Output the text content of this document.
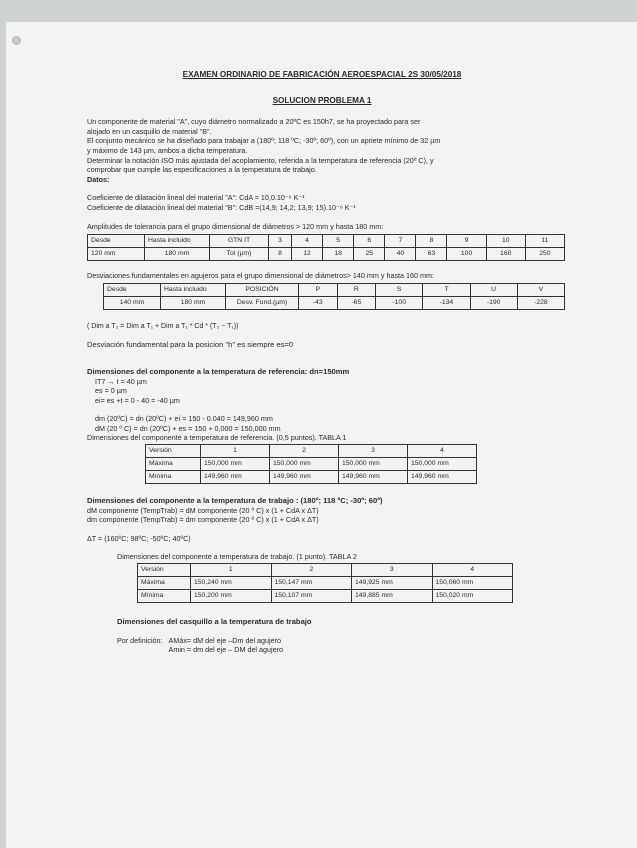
EXAMEN ORDINARIO DE FABRICACIÓN AEROESPACIAL 2S 30/05/2018

SOLUCION PROBLEMA 1

Un componente de material "A", cuyo diámetro normalizado a 20ºC es 150h7, se ha proyectado para ser

alojado en un casquillo de material "B".

El conjunto mecánico se ha diseñado para trabajar a (180º; 118 ºC; -30º; 60º), con un apriete mínimo de 32 µm

y máximo de 143 µm, ambos a dicha temperatura.

Determinar la notación ISO más ajustada del acoplamiento, referida a la temperatura de referencia (20º C), y

comprobar que cumple las especificaciones a la temperatura de trabajo.

Datos:

Coeficiente de dilatación lineal del material "A": CdA = 10,0.10⁻⁶ K⁻¹

Coeficiente de dilatación lineal del material "B": CdB =(14,9; 14,2; 13,9; 15).10⁻⁶ K⁻¹

Amplitudes de tolerancia para el grupo dimensional de diámetros > 120 mm y hasta 180 mm:

Desde	Hasta incluido	GTN IT	3	4	5	6	7	8	9	10	11
120 mm	180 mm	Tol (µm)	8	12	18	25	40	63	100	160	250

Desviaciones fundamentales en agujeros para el grupo dimensional de diámetros> 140 mm y hasta 160 mm:

Desde	Hasta incluido	POSICIÓN	P	R	S	T	U	V
140 mm	180 mm	Desv. Fund.(µm)	-43	-65	-100	-134	-190	-228

( Dim a T₂ = Dim a T₁ + Dim a T₁ * Cd * (T₂ − T₁))

Desviación fundamental para la posicion "h" es siempre es=0

Dimensiones del componente a la temperatura de referencia: dn=150mm

IT7 → t = 40 µm

es = 0 µm

ei= es +t = 0 - 40 = -40 µm

dm (20ºC) = dn (20ºC) + ei = 150 - 0.040 = 149,960 mm

dM (20 º C) = dn (20ºC) + es = 150 + 0,000 = 150,000 mm

Dimensiones del componente a temperatura de referencia. (0,5 puntos). TABLA 1

Versión	1	2	3	4
Máxima	150,000 mm	150,000 mm	150,000 mm	150,000 mm
Mínima	149,960 mm	149,960 mm	149,960 mm	149,960 mm

Dimensiones del componente a la temperatura de trabajo : (180º; 118 ºC; -30º; 60º)

dM componente (TempTrab) = dM componente (20 º C) x (1 + CdA x ΔT)

dm componente (TempTrab) = dm componente (20 º C) x (1 + CdA x ΔT)

ΔT = (160ºC; 98ºC; -50ºC; 40ºC)

Dimensiones del componente a temperatura de trabajo. (1 punto). TABLA 2

Versión	1	2	3	4
Máxima	150,240 mm	150,147 mm	149,925 mm	150,060 mm
Mínima	150,200 mm	150,107 mm	149,885 mm	150,020 mm

Dimensiones del casquillo a la temperatura de trabajo

Por definición: AMáx= dM del eje –Dm del agujero

Amin = dm del eje – DM del agujero
